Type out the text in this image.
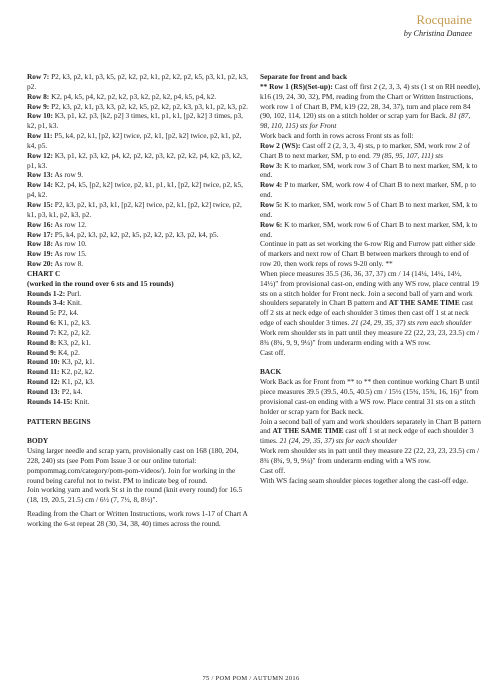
Rocquaine
by Christina Danaee

Row 7: P2, k3, p2, k1, p3, k5, p2, k2, p2, k1, p2, k2, p2, k5, p3, k1, p2, k3, p2.

Row 8: K2, p4, k5, p4, k2, p2, k2, p3, k2, p2, k2, p4, k5, p4, k2.

Row 9: P2, k3, p2, k1, p3, k3, p2, k2, k5, p2, k2, p2, k3, p3, k1, p2, k3, p2.

Row 10: K3, p1, k2, p3, [k2, p2] 3 times, k1, p1, k1, [p2, k2] 3 times, p3, k2, p1, k3.

Row 11: P5, k4, p2, k1, [p2, k2] twice, p2, k1, [p2, k2] twice, p2, k1, p2, k4, p5.

Row 12: K3, p1, k2, p3, k2, p4, k2, p2, k2, p3, k2, p2, k2, p4, k2, p3, k2, p1, k3.

Row 13: As row 9.

Row 14: K2, p4, k5, [p2, k2] twice, p2, k1, p1, k1, [p2, k2] twice, p2, k5, p4, k2.

Row 15: P2, k3, p2, k1, p3, k1, [p2, k2] twice, p2, k1, [p2, k2] twice, p2, k1, p3, k1, p2, k3, p2.

Row 16: As row 12.

Row 17: P5, k4, p2, k3, p2, k2, p2, k5, p2, k2, p2, k3, p2, k4, p5.

Row 18: As row 10.

Row 19: As row 15.

Row 20: As row 8.

CHART C

(worked in the round over 6 sts and 15 rounds)

Rounds 1-2: Purl.

Rounds 3-4: Knit.

Round 5: P2, k4.

Round 6: K1, p2, k3.

Round 7: K2, p2, k2.

Round 8: K3, p2, k1.

Round 9: K4, p2.

Round 10: K3, p2, k1.

Round 11: K2, p2, k2.

Round 12: K1, p2, k3.

Round 13: P2, k4.

Rounds 14-15: Knit.

PATTERN BEGINS

BODY

Using larger needle and scrap yarn, provisionally cast on 168 (180, 204, 228, 240) sts (see Pom Pom Issue 3 or our online tutorial: pompommag.com/category/pom-pom-videos/). Join for working in the round being careful not to twist. PM to indicate beg of round.

Join working yarn and work St st in the round (knit every round) for 16.5 (18, 19, 20.5, 21.5) cm / 6½ (7, 7½, 8, 8½)".

Reading from the Chart or Written Instructions, work rows 1-17 of Chart A working the 6-st repeat 28 (30, 34, 38, 40) times across the round.

Separate for front and back

** Row 1 (RS)(Set-up): Cast off first 2 (2, 3, 3, 4) sts (1 st on RH needle), k16 (19, 24, 30, 32), PM, reading from the Chart or Written Instructions, work row 1 of Chart B, PM, k19 (22, 28, 34, 37), turn and place rem 84 (90, 102, 114, 120) sts on a stitch holder or scrap yarn for Back. 81 (87, 98, 110, 115) sts for Front

Work back and forth in rows across Front sts as foll:

Row 2 (WS): Cast off 2 (2, 3, 3, 4) sts, p to marker, SM, work row 2 of Chart B to next marker, SM, p to end. 79 (85, 95, 107, 111) sts

Row 3: K to marker, SM, work row 3 of Chart B to next marker, SM, k to end.

Row 4: P to marker, SM, work row 4 of Chart B to next marker, SM, p to end.

Row 5: K to marker, SM, work row 5 of Chart B to next marker, SM, k to end.

Row 6: K to marker, SM, work row 6 of Chart B to next marker, SM, k to end.

Continue in patt as set working the 6-row Rig and Furrow patt either side of markers and next row of Chart B between markers through to end of row 20, then work reps of rows 9-20 only. **

When piece measures 35.5 (36, 36, 37, 37) cm / 14 (14¼, 14¼, 14½, 14½)" from provisional cast-on, ending with any WS row, place central 19 sts on a stitch holder for Front neck. Join a second ball of yarn and work shoulders separately in Chart B pattern and AT THE SAME TIME cast off 2 sts at neck edge of each shoulder 3 times then cast off 1 st at neck edge of each shoulder 3 times. 21 (24, 29, 35, 37) sts rem each shoulder

Work rem shoulder sts in patt until they measure 22 (22, 23, 23, 23.5) cm / 8¾ (8¾, 9, 9, 9¼)" from underarm ending with a WS row.

Cast off.

BACK

Work Back as for Front from ** to ** then continue working Chart B until piece measures 39.5 (39.5, 40.5, 40.5) cm / 15½ (15¾, 15¾, 16, 16)" from provisional cast-on ending with a WS row. Place central 31 sts on a stitch holder or scrap yarn for Back neck.

Join a second ball of yarn and work shoulders separately in Chart B pattern and AT THE SAME TIME cast off 1 st at neck edge of each shoulder 3 times. 21 (24, 29, 35, 37) sts for each shoulder

Work rem shoulder sts in patt until they measure 22 (22, 23, 23, 23.5) cm / 8¾ (8¾, 9, 9, 9¼)" from underarm ending with a WS row.

Cast off.

With WS facing seam shoulder pieces together along the cast-off edge.

75 / POM POM / AUTUMN 2016
